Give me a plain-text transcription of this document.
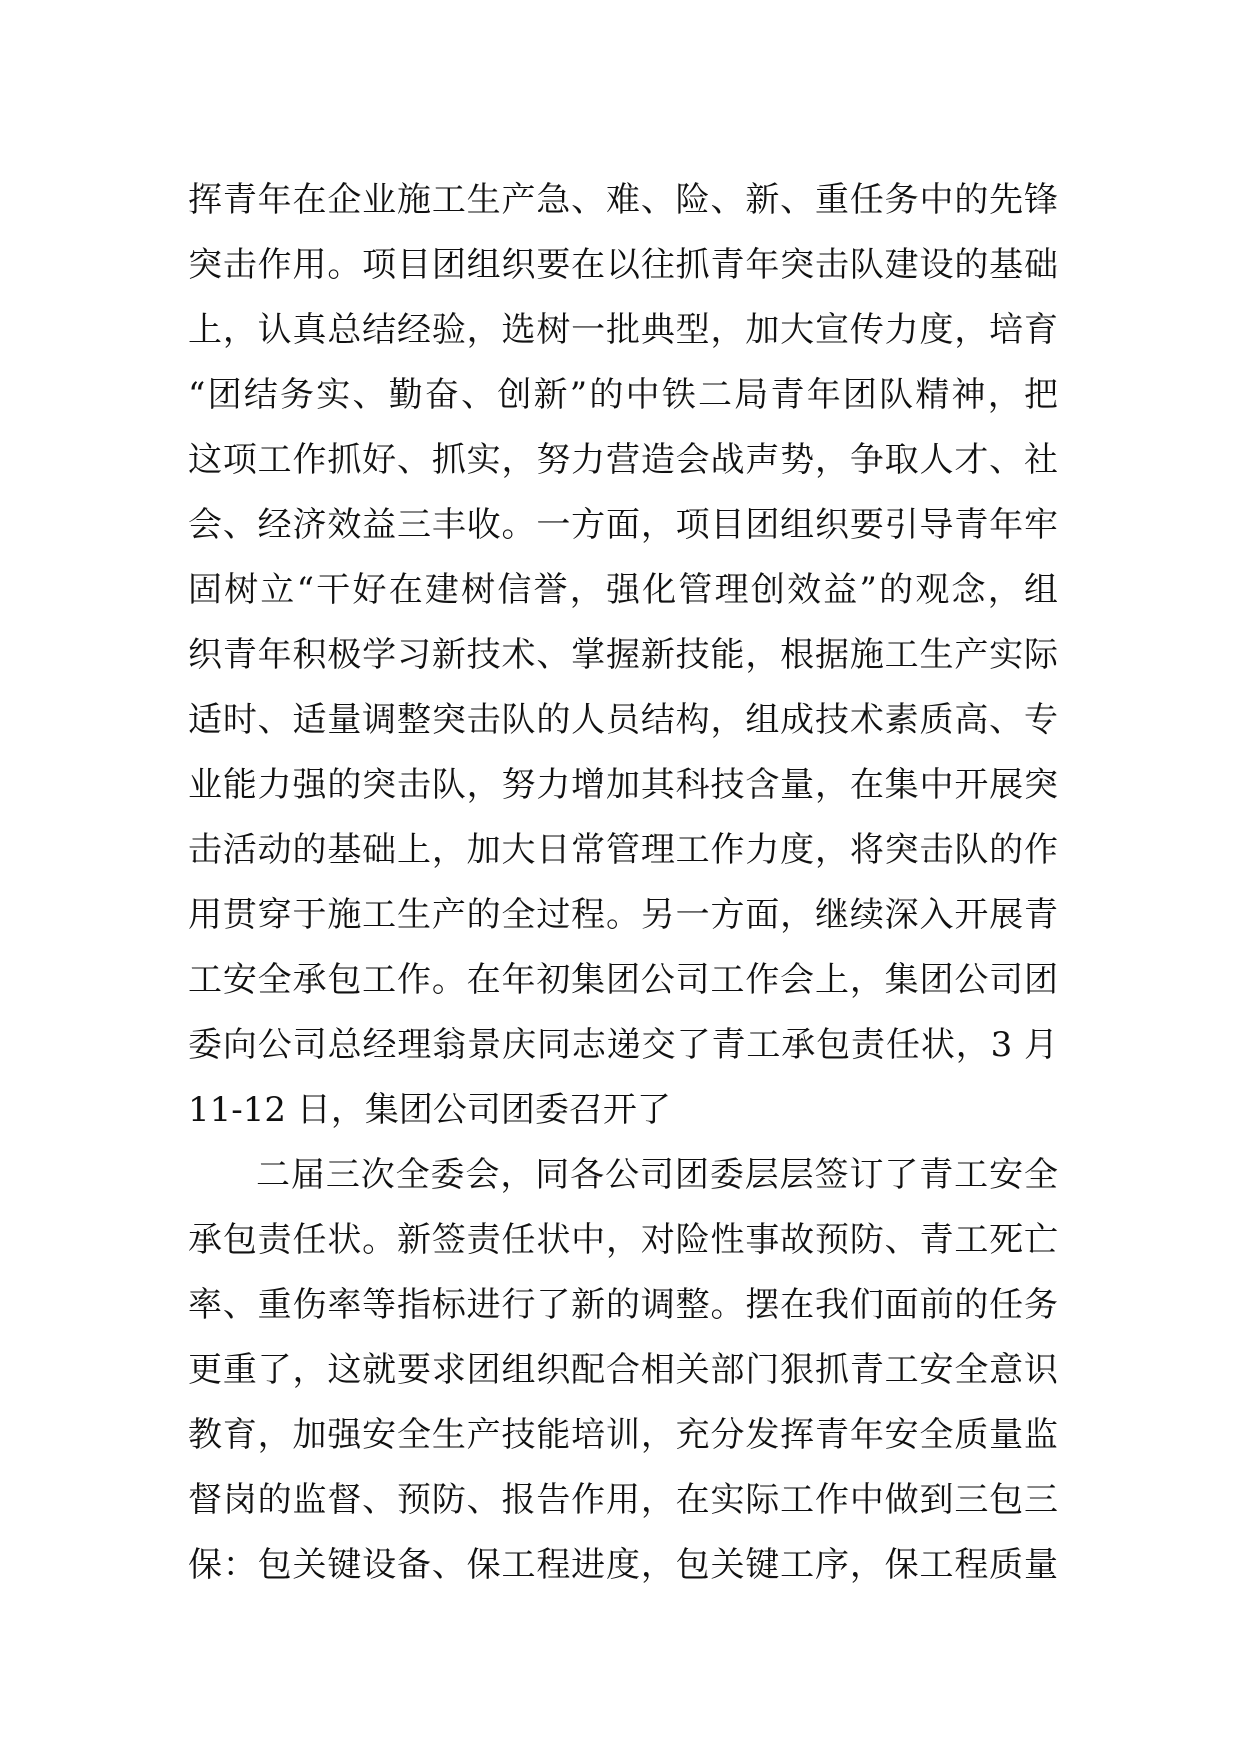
挥青年在企业施工生产急、难、险、新、重任务中的先锋
突击作用。项目团组织要在以往抓青年突击队建设的基础
上，认真总结经验，选树一批典型，加大宣传力度，培育
“团结务实、勤奋、创新”的中铁二局青年团队精神，把
这项工作抓好、抓实，努力营造会战声势，争取人才、社
会、经济效益三丰收。一方面，项目团组织要引导青年牢
固树立“干好在建树信誉，强化管理创效益”的观念，组
织青年积极学习新技术、掌握新技能，根据施工生产实际
适时、适量调整突击队的人员结构，组成技术素质高、专
业能力强的突击队，努力增加其科技含量，在集中开展突
击活动的基础上，加大日常管理工作力度，将突击队的作
用贯穿于施工生产的全过程。另一方面，继续深入开展青
工安全承包工作。在年初集团公司工作会上，集团公司团
委向公司总经理翁景庆同志递交了青工承包责任状，3 月
11-12 日，集团公司团委召开了
二届三次全委会，同各公司团委层层签订了青工安全
承包责任状。新签责任状中，对险性事故预防、青工死亡
率、重伤率等指标进行了新的调整。摆在我们面前的任务
更重了，这就要求团组织配合相关部门狠抓青工安全意识
教育，加强安全生产技能培训，充分发挥青年安全质量监
督岗的监督、预防、报告作用，在实际工作中做到三包三
保：包关键设备、保工程进度，包关键工序，保工程质量
